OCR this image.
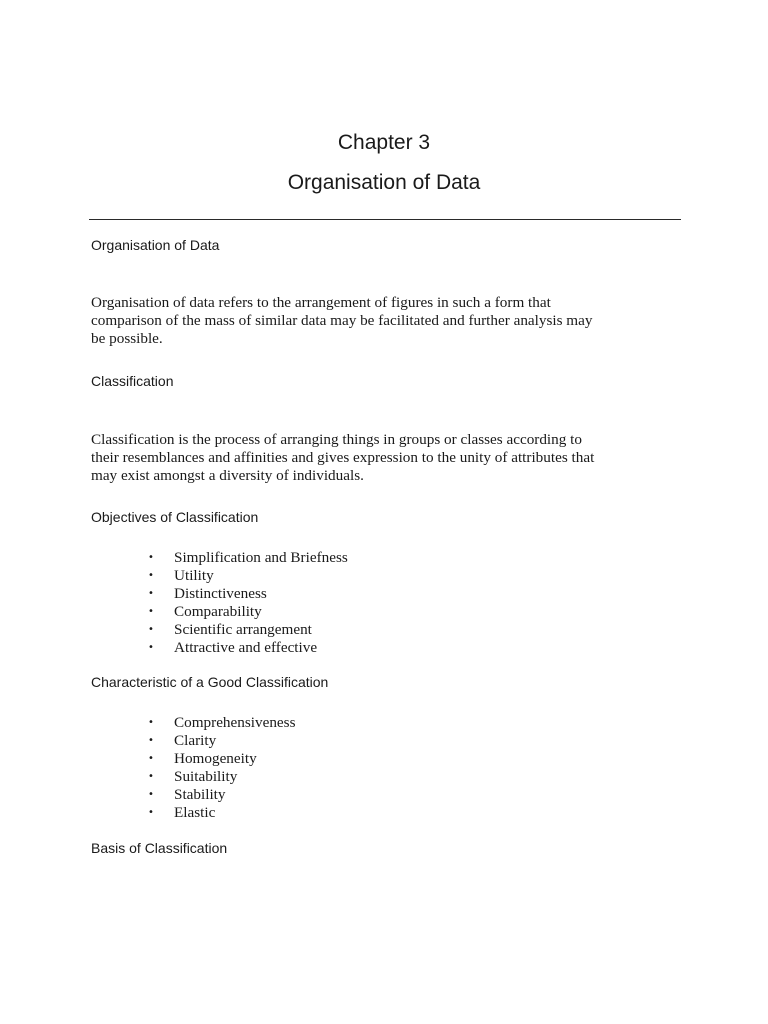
Chapter 3
Organisation of Data
Organisation of Data
Organisation of data refers to the arrangement of figures in such a form that
comparison of the mass of similar data may be facilitated and further analysis may
be possible.
Classification
Classification is the process of arranging things in groups or classes according to
their resemblances and affinities and gives expression to the unity of attributes that
may exist amongst a diversity of individuals.
Objectives of Classification
• Simplification and Briefness
• Utility
• Distinctiveness
• Comparability
• Scientific arrangement
• Attractive and effective
Characteristic of a Good Classification
• Comprehensiveness
• Clarity
• Homogeneity
• Suitability
• Stability
• Elastic
Basis of Classification
